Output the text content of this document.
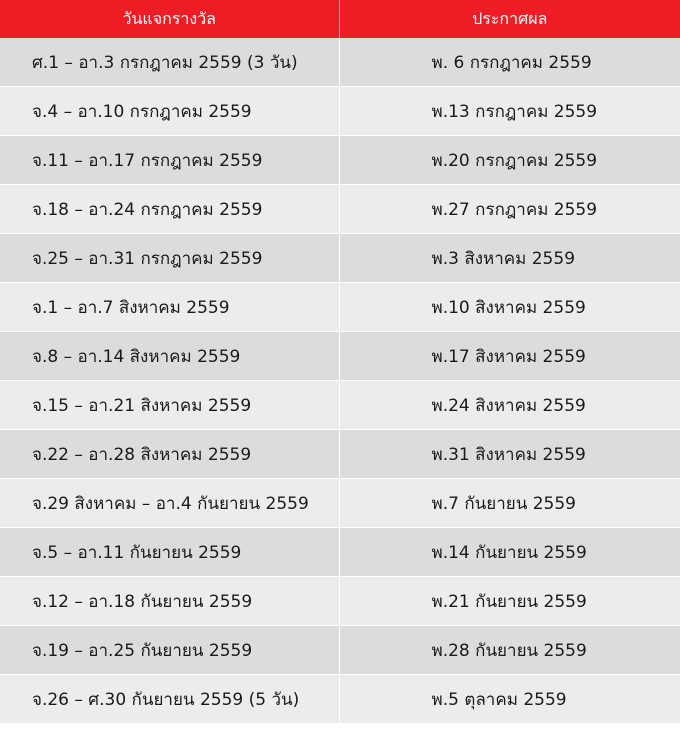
วันแจกรางวัล	ประกาศผล
ศ.1 – อา.3 กรกฎาคม 2559 (3 วัน)	พ. 6 กรกฎาคม 2559
จ.4 – อา.10 กรกฎาคม 2559	พ.13 กรกฎาคม 2559
จ.11 – อา.17 กรกฎาคม 2559	พ.20 กรกฎาคม 2559
จ.18 – อา.24 กรกฎาคม 2559	พ.27 กรกฎาคม 2559
จ.25 – อา.31 กรกฎาคม 2559	พ.3 สิงหาคม 2559
จ.1 – อา.7 สิงหาคม 2559	พ.10 สิงหาคม 2559
จ.8 – อา.14 สิงหาคม 2559	พ.17 สิงหาคม 2559
จ.15 – อา.21 สิงหาคม 2559	พ.24 สิงหาคม 2559
จ.22 – อา.28 สิงหาคม 2559	พ.31 สิงหาคม 2559
จ.29 สิงหาคม – อา.4 กันยายน 2559	พ.7 กันยายน 2559
จ.5 – อา.11 กันยายน 2559	พ.14 กันยายน 2559
จ.12 – อา.18 กันยายน 2559	พ.21 กันยายน 2559
จ.19 – อา.25 กันยายน 2559	พ.28 กันยายน 2559
จ.26 – ศ.30 กันยายน 2559 (5 วัน)	พ.5 ตุลาคม 2559
